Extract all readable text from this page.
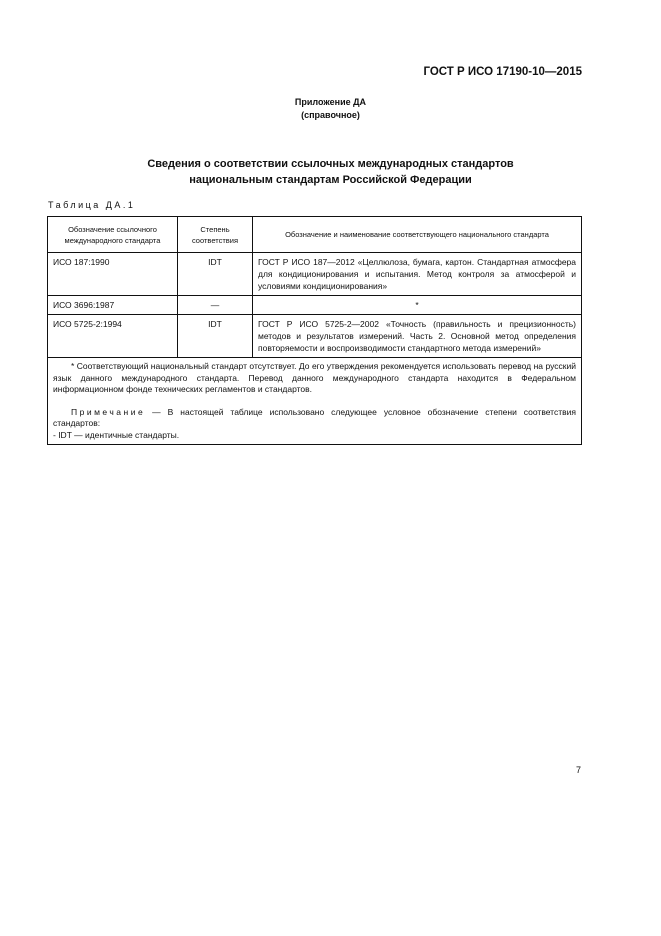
ГОСТ Р ИСО 17190-10—2015
Приложение ДА
(справочное)
Сведения о соответствии ссылочных международных стандартов
национальным стандартам Российской Федерации
Таблица ДА.1
Обозначение ссылочного международного стандарта	Степень соответствия	Обозначение и наименование соответствующего национального стандарта
ИСО 187:1990	IDT	ГОСТ Р ИСО 187—2012 «Целлюлоза, бумага, картон. Стандартная атмосфера для кондиционирования и испытания. Метод контроля за атмосферой и условиями кондиционирования»
ИСО 3696:1987	—	*
ИСО 5725-2:1994	IDT	ГОСТ Р ИСО 5725-2—2002 «Точность (правильность и прецизионность) методов и результатов измерений. Часть 2. Основной метод определения повторяемости и воспроизводимости стандартного метода измерений»

* Соответствующий национальный стандарт отсутствует. До его утверждения рекомендуется использовать перевод на русский язык данного международного стандарта. Перевод данного международного стандарта находится в Федеральном информационном фонде технических регламентов и стандартов.

Примечание — В настоящей таблице использовано следующее условное обозначение степени соответствия стандартов:

- IDT — идентичные стандарты.		

7
